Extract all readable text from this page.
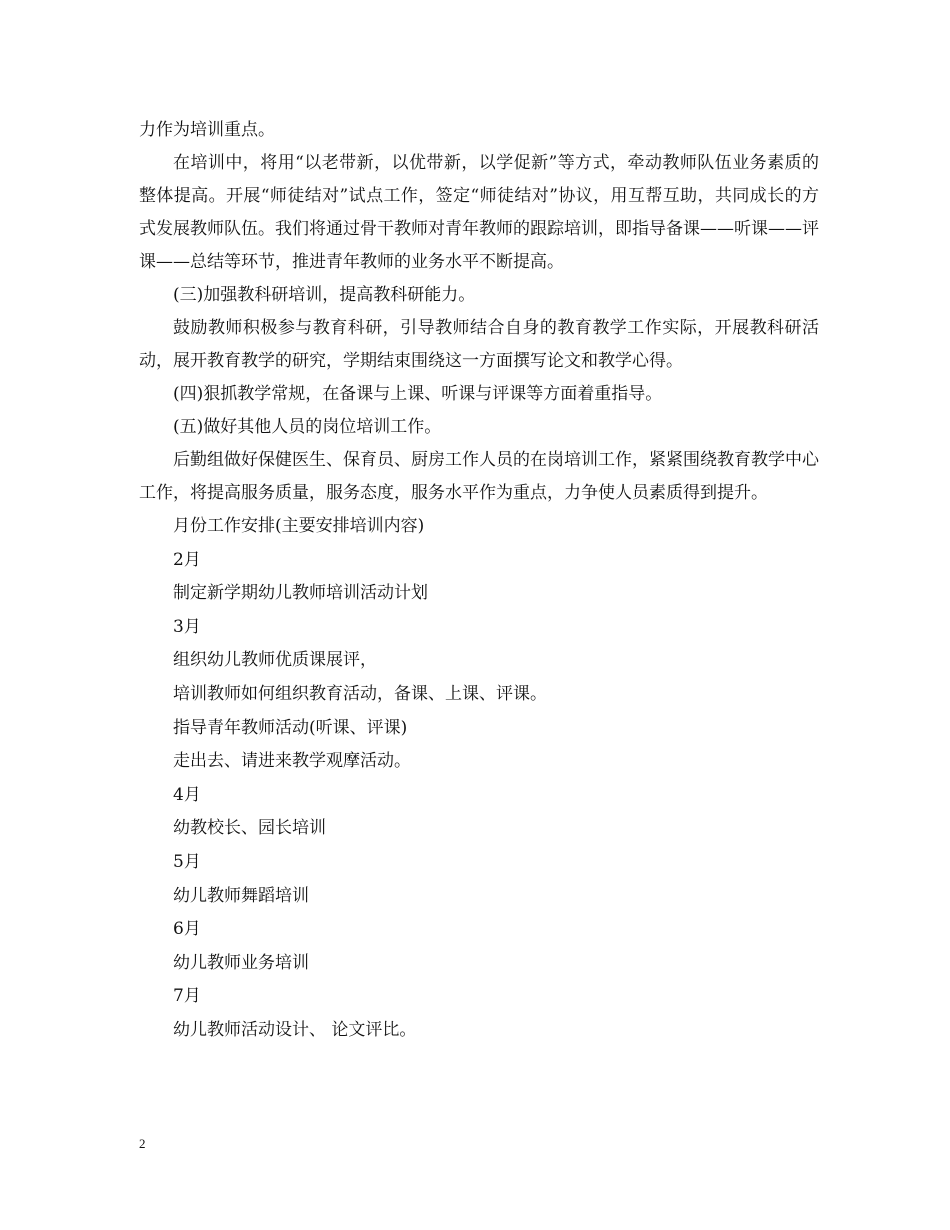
力作为培训重点。

在培训中，将用“以老带新，以优带新，以学促新”等方式，牵动教师队伍业务素质的整体提高。开展“师徒结对”试点工作，签定“师徒结对”协议，用互帮互助，共同成长的方式发展教师队伍。我们将通过骨干教师对青年教师的跟踪培训，即指导备课——听课——评课——总结等环节，推进青年教师的业务水平不断提高。

(三)加强教科研培训，提高教科研能力。

鼓励教师积极参与教育科研，引导教师结合自身的教育教学工作实际，开展教科研活动，展开教育教学的研究，学期结束围绕这一方面撰写论文和教学心得。

(四)狠抓教学常规，在备课与上课、听课与评课等方面着重指导。

(五)做好其他人员的岗位培训工作。

后勤组做好保健医生、保育员、厨房工作人员的在岗培训工作，紧紧围绕教育教学中心工作，将提高服务质量，服务态度，服务水平作为重点，力争使人员素质得到提升。

月份工作安排(主要安排培训内容)

2月

制定新学期幼儿教师培训活动计划

3月

组织幼儿教师优质课展评，

培训教师如何组织教育活动，备课、上课、评课。

指导青年教师活动(听课、评课)

走出去、请进来教学观摩活动。

4月

幼教校长、园长培训

5月

幼儿教师舞蹈培训

6月

幼儿教师业务培训

7月

幼儿教师活动设计、 论文评比。

2
